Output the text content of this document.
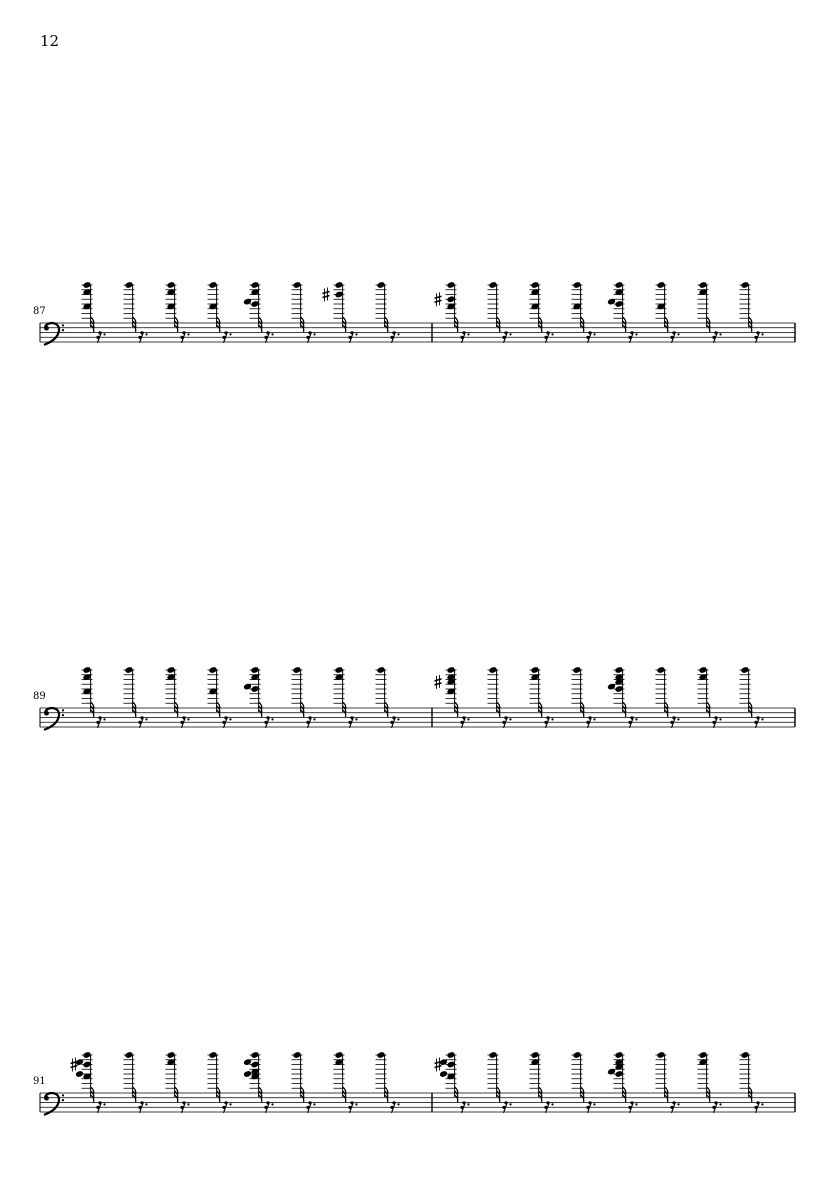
12
87
89
91
